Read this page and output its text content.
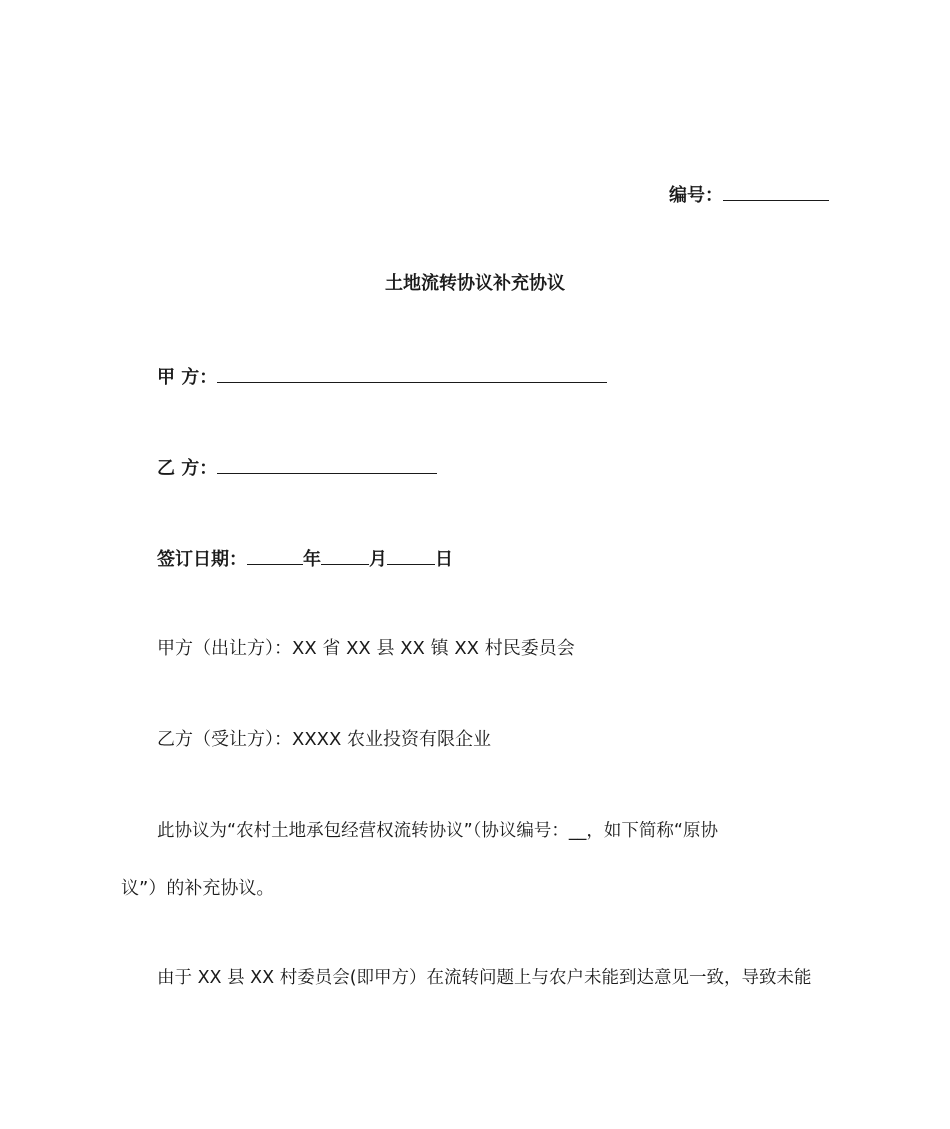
编号：
土地流转协议补充协议
甲 方：
乙 方：
签订日期：	年	月	日
甲方（出让方）：XX 省 XX 县 XX 镇 XX 村民委员会
乙方（受让方）：XXXX 农业投资有限企业
此协议为“农村土地承包经营权流转协议”（协议编号：__，如下简称“原协
议”）的补充协议。
由于 XX 县 XX 村委员会(即甲方）在流转问题上与农户未能到达意见一致，导致未能
